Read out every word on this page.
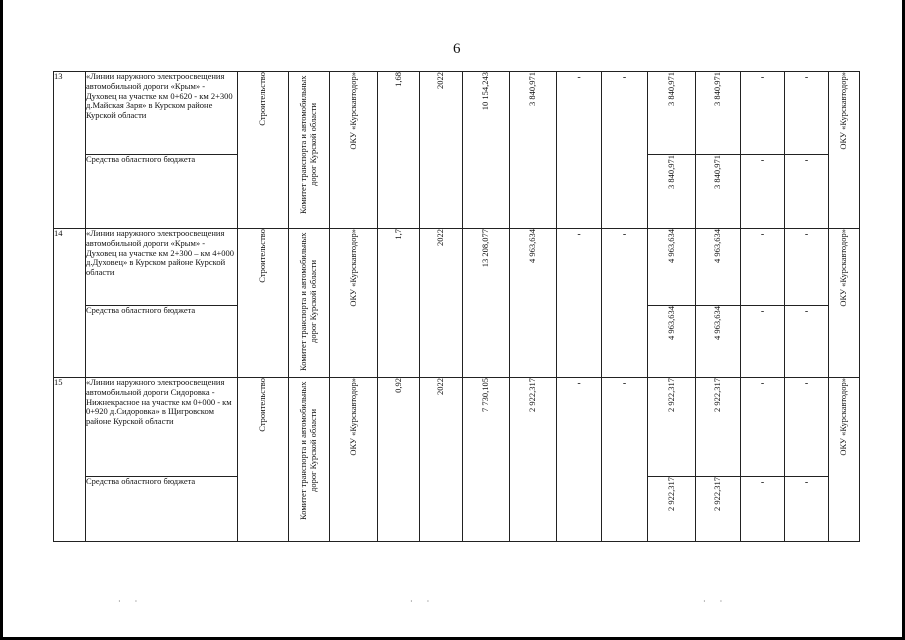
6
13	«Линии наружного электроосвещения автомобильной дороги «Крым» - Духовец на участке км 0+620 - км 2+300 д.Майская Заря» в Курском районе Курской области	Строительство	Комитет транспорта и автомобильных дорог Курской области	ОКУ «Курскавтодор»	1,68	2022	10 154,243	3 840,971	-	-	3 840,971	3 840,971	-	-	ОКУ «Курскавтодор»
	Средства областного бюджета										3 840,971	3 840,971	-	-	
14	«Линии наружного электроосвещения автомобильной дороги «Крым» - Духовец на участке км 2+300 – км 4+000 д.Духовец» в Курском районе Курской области	Строительство	Комитет транспорта и автомобильных дорог Курской области	ОКУ «Курскавтодор»	1,7	2022	13 208,077	4 963,634	-	-	4 963,634	4 963,634	-	-	ОКУ «Курскавтодор»
	Средства областного бюджета										4 963,634	4 963,634	-	-	
15	«Линии наружного электроосвещения автомобильной дороги Сидоровка - Нижнекрасное на участке км 0+000 - км 0+920 д.Сидоровка» в Щигровском районе Курской области	Строительство	Комитет транспорта и автомобильных дорог Курской области	ОКУ «Курскавтодор»	0,92	2022	7 730,105	2 922,317	-	-	2 922,317	2 922,317	-	-	ОКУ «Курскавтодор»
	Средства областного бюджета										2 922,317	2 922,317	-	-	
·       ·	·       ·	·       ·
